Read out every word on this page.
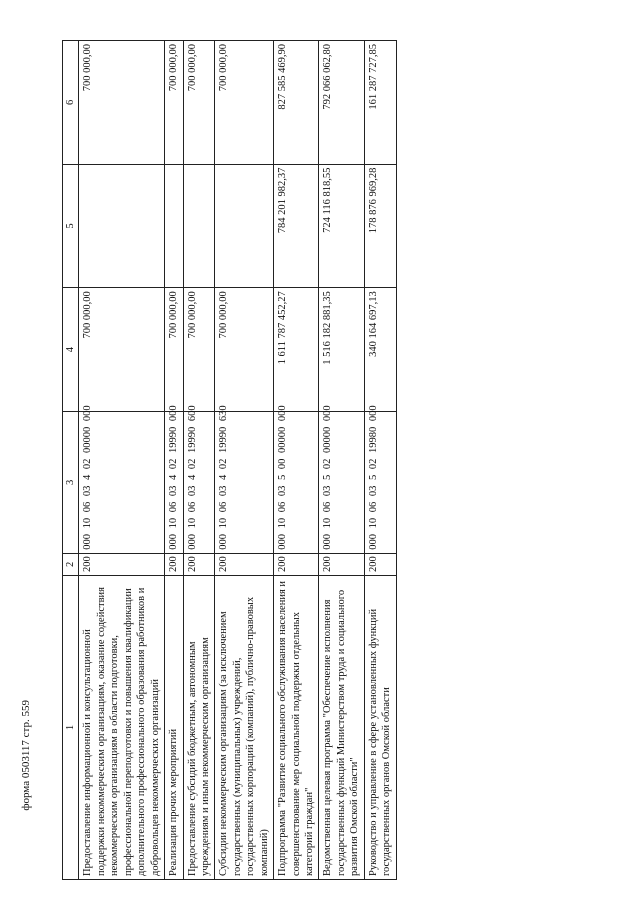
форма 0503117 стр. 559	1	2	3	4	5	6
Предоставление информационной и консультационной поддержки некоммерческим организациям, оказание содействия некоммерческим организациям в области подготовки, профессиональной переподготовки и повышения квалификации дополнительного профессионального образования работников и добровольцев некоммерческих организаций	200	000 10 06 03 4 02 00000 000	700 000,00		700 000,00
Реализация прочих мероприятий	200	000 10 06 03 4 02 19990 000	700 000,00		700 000,00
Предоставление субсидий бюджетным, автономным учреждениям и иным некоммерческим организациям	200	000 10 06 03 4 02 19990 600	700 000,00		700 000,00
Субсидии некоммерческим организациям (за исключением государственных (муниципальных) учреждений, государственных корпораций (компаний), публично-правовых компаний)	200	000 10 06 03 4 02 19990 630	700 000,00		700 000,00
Подпрограмма "Развитие социального обслуживания населения и совершенствование мер социальной поддержки отдельных категорий граждан"	200	000 10 06 03 5 00 00000 000	1 611 787 452,27	784 201 982,37	827 585 469,90
Ведомственная целевая программа "Обеспечение исполнения государственных функций Министерством труда и социального развития Омской области"	200	000 10 06 03 5 02 00000 000	1 516 182 881,35	724 116 818,55	792 066 062,80
Руководство и управление в сфере установленных функций государственных органов Омской области	200	000 10 06 03 5 02 19980 000	340 164 697,13	178 876 969,28	161 287 727,85
